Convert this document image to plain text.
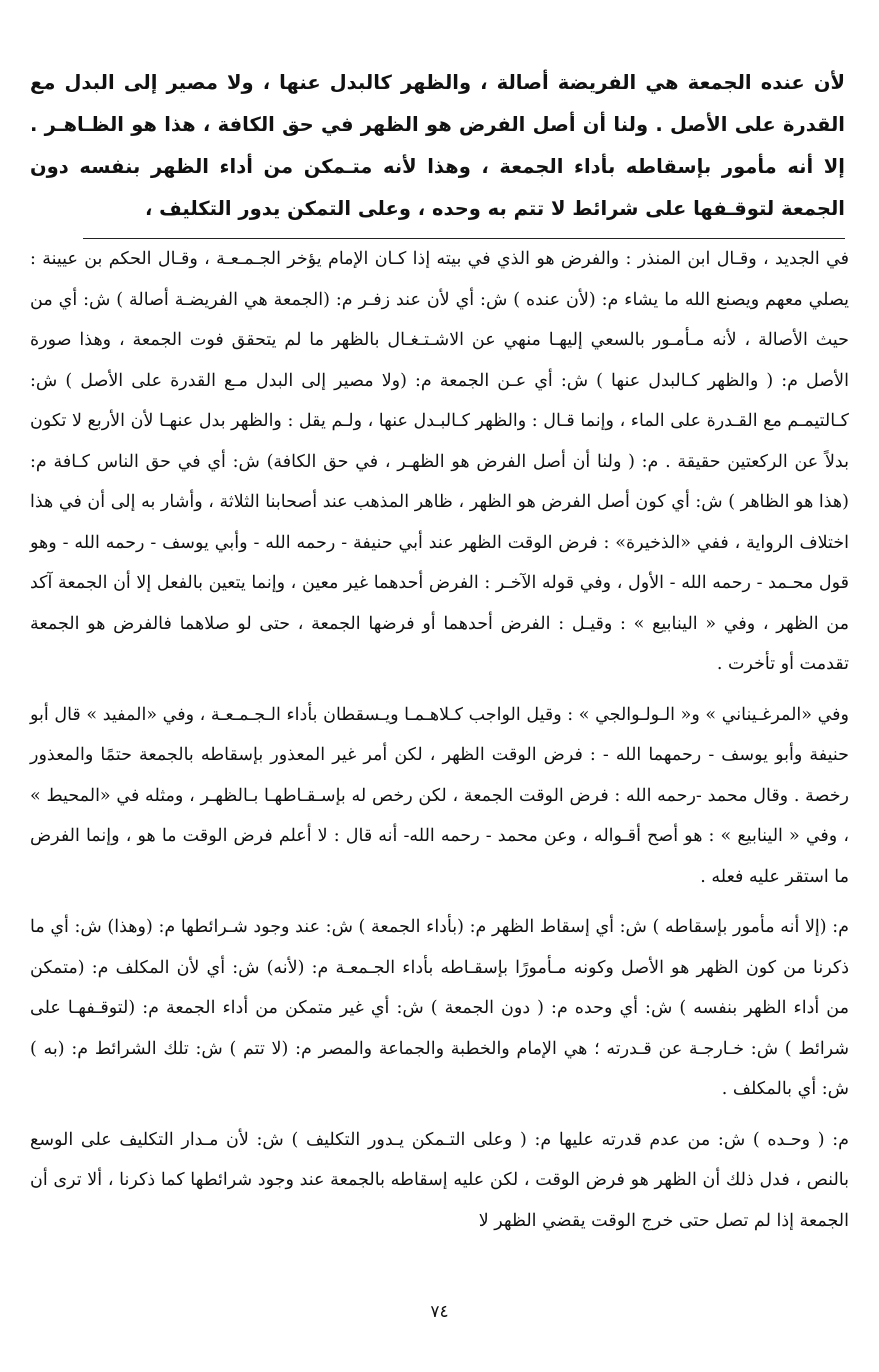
لأن عنده الجمعة هي الفريضة أصالة ، والظهر كالبدل عنها ، ولا مصير إلى البدل مع القدرة على الأصل . ولنا أن أصل الفرض هو الظهر في حق الكافة ، هذا هو الظـاهـر . إلا أنه مأمور بإسقاطه بأداء الجمعة ، وهذا لأنه متـمكن من أداء الظهر بنفسه دون الجمعة لتوقـفها على شرائط لا تتم به وحده ، وعلى التمكن يدور التكليف ،

في الجديد ، وقـال ابن المنذر : والفرض هو الذي في بيته إذا كـان الإمام يؤخر الجـمـعـة ، وقـال الحكم بن عيينة : يصلي معهم ويصنع الله ما يشاء م: (لأن عنده ) ش: أي لأن عند زفـر م: (الجمعة هي الفريضـة أصالة ) ش: أي من حيث الأصالة ، لأنه مـأمـور بالسعي إليهـا منهي عن الاشـتـغـال بالظهر ما لم يتحقق فوت الجمعة ، وهذا صورة الأصل م: ( والظهر كـالبدل عنها ) ش: أي عـن الجمعة م: (ولا مصير إلى البدل مـع القدرة على الأصل ) ش: كـالتيمـم مع القـدرة على الماء ، وإنما قـال : والظهر كـالبـدل عنها ، ولـم يقل : والظهر بدل عنهـا لأن الأربع لا تكون بدلاً عن الركعتين حقيقة . م: ( ولنا أن أصل الفرض هو الظهـر ، في حق الكافة) ش: أي في حق الناس كـافة م: (هذا هو الظاهر ) ش: أي كون أصل الفرض هو الظهر ، ظاهر المذهب عند أصحابنا الثلاثة ، وأشار به إلى أن في هذا اختلاف الرواية ، ففي «الذخيرة» : فرض الوقت الظهر عند أبي حنيفة - رحمه الله - وأبي يوسف - رحمه الله - وهو قول محـمد - رحمه الله - الأول ، وفي قوله الآخـر : الفرض أحدهما غير معين ، وإنما يتعين بالفعل إلا أن الجمعة آكد من الظهر ، وفي « الينابيع » : وقيـل : الفرض أحدهما أو فرضها الجمعة ، حتى لو صلاهما فالفرض هو الجمعة تقدمت أو تأخرت .

وفي «المرغـيناني » و« الـولـوالجي » : وقيل الواجب كـلاهـمـا ويـسقطان بأداء الـجـمـعـة ، وفي «المفيد » قال أبو حنيفة وأبو يوسف - رحمهما الله - : فرض الوقت الظهر ، لكن أمر غير المعذور بإسقاطه بالجمعة حتمًا والمعذور رخصة . وقال محمد -رحمه الله : فرض الوقت الجمعة ، لكن رخص له بإسـقـاطهـا بـالظهـر ، ومثله في «المحيط » ، وفي « الينابيع » : هو أصح أقـواله ، وعن محمد - رحمه الله- أنه قال : لا أعلم فرض الوقت ما هو ، وإنما الفرض ما استقر عليه فعله .

م: (إلا أنه مأمور بإسقاطه ) ش: أي إسقاط الظهر م: (بأداء الجمعة ) ش: عند وجود شـرائطها م: (وهذا) ش: أي ما ذكرنا من كون الظهر هو الأصل وكونه مـأمورًا بإسقـاطه بأداء الجـمعـة م: (لأنه) ش: أي لأن المكلف م: (متمكن من أداء الظهر بنفسه ) ش: أي وحده م: ( دون الجمعة ) ش: أي غير متمكن من أداء الجمعة م: (لتوقـفهـا على شرائط ) ش: خـارجـة عن قـدرته ؛ هي الإمام والخطبة والجماعة والمصر م: (لا تتم ) ش: تلك الشرائط م: (به ) ش: أي بالمكلف .

م: ( وحـده ) ش: من عدم قدرته عليها م: ( وعلى التـمكن يـدور التكليف ) ش: لأن مـدار التكليف على الوسع بالنص ، فدل ذلك أن الظهر هو فرض الوقت ، لكن عليه إسقاطه بالجمعة عند وجود شرائطها كما ذكرنا ، ألا ترى أن الجمعة إذا لم تصل حتى خرج الوقت يقضي الظهر لا

٧٤
